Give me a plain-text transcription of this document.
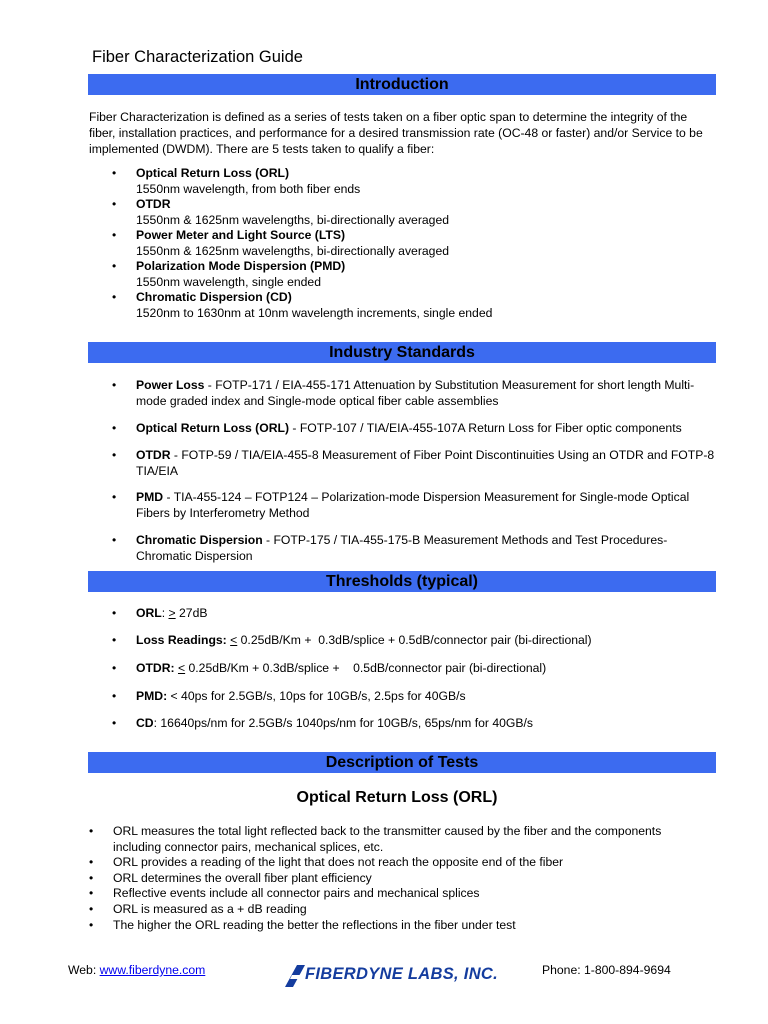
Fiber Characterization Guide
Introduction
Fiber Characterization is defined as a series of tests taken on a fiber optic span to determine the integrity of the fiber, installation practices, and performance for a desired transmission rate (OC-48 or faster) and/or Service to be implemented (DWDM). There are 5 tests taken to qualify a fiber:
• Optical Return Loss (ORL)
1550nm wavelength, from both fiber ends
• OTDR
1550nm & 1625nm wavelengths, bi-directionally averaged
• Power Meter and Light Source (LTS)
1550nm & 1625nm wavelengths, bi-directionally averaged
• Polarization Mode Dispersion (PMD)
1550nm wavelength, single ended
• Chromatic Dispersion (CD)
1520nm to 1630nm at 10nm wavelength increments, single ended
Industry Standards
• Power Loss - FOTP-171 / EIA-455-171 Attenuation by Substitution Measurement for short length Multi-mode graded index and Single-mode optical fiber cable assemblies
• Optical Return Loss (ORL) - FOTP-107 / TIA/EIA-455-107A Return Loss for Fiber optic components
• OTDR - FOTP-59 / TIA/EIA-455-8 Measurement of Fiber Point Discontinuities Using an OTDR and FOTP-8 TIA/EIA
• PMD - TIA-455-124 – FOTP124 – Polarization-mode Dispersion Measurement for Single-mode Optical Fibers by Interferometry Method
• Chromatic Dispersion - FOTP-175 / TIA-455-175-B Measurement Methods and Test Procedures-Chromatic Dispersion
Thresholds (typical)
• ORL: > 27dB
• Loss Readings: < 0.25dB/Km +  0.3dB/splice + 0.5dB/connector pair (bi-directional)
• OTDR: < 0.25dB/Km + 0.3dB/splice +    0.5dB/connector pair (bi-directional)
• PMD: < 40ps for 2.5GB/s, 10ps for 10GB/s, 2.5ps for 40GB/s
• CD: 16640ps/nm for 2.5GB/s 1040ps/nm for 10GB/s, 65ps/nm for 40GB/s
Description of Tests
Optical Return Loss (ORL)
• ORL measures the total light reflected back to the transmitter caused by the fiber and the components including connector pairs, mechanical splices, etc.
• ORL provides a reading of the light that does not reach the opposite end of the fiber
• ORL determines the overall fiber plant efficiency
• Reflective events include all connector pairs and mechanical splices
• ORL is measured as a + dB reading
• The higher the ORL reading the better the reflections in the fiber under test
Web: www.fiberdyne.com	FIBERDYNE LABS, INC.	Phone: 1-800-894-9694
